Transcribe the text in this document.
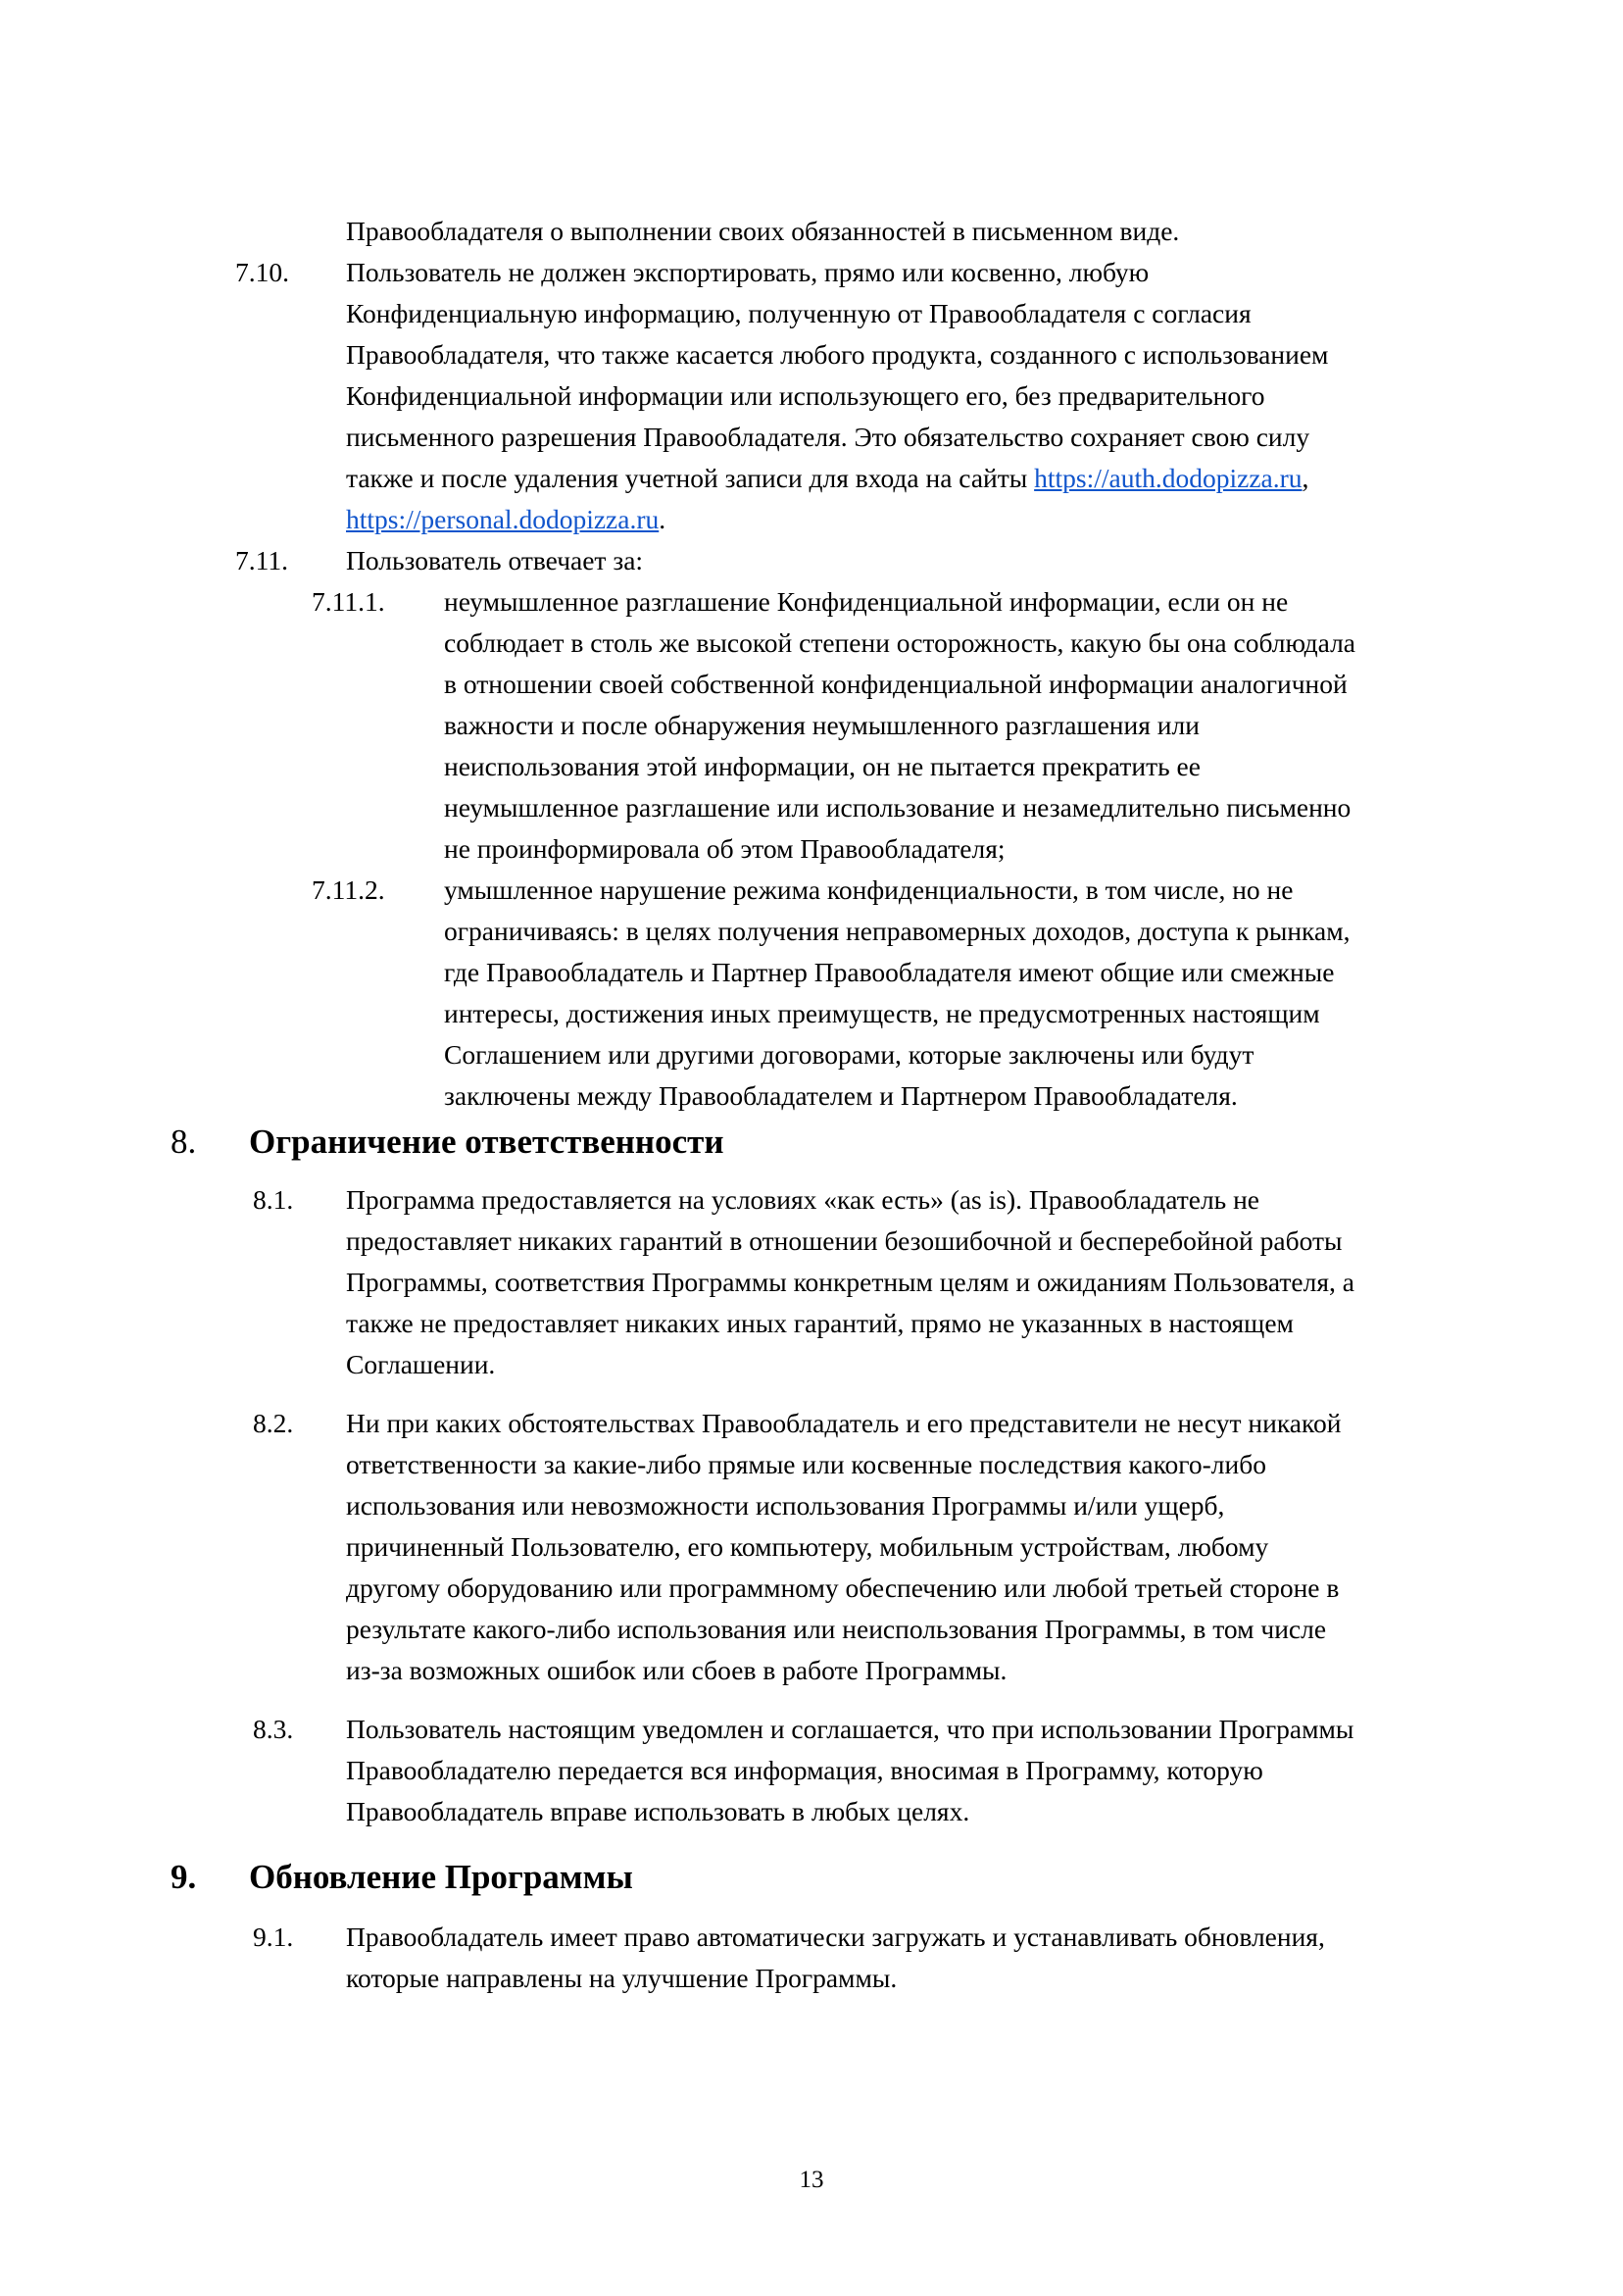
Правообладателя о выполнении своих обязанностей в письменном виде.
7.10. Пользователь не должен экспортировать, прямо или косвенно, любую
Конфиденциальную информацию, полученную от Правообладателя с согласия
Правообладателя, что также касается любого продукта, созданного с использованием
Конфиденциальной информации или использующего его, без предварительного
письменного разрешения Правообладателя. Это обязательство сохраняет свою силу
также и после удаления учетной записи для входа на сайты https://auth.dodopizza.ru,
https://personal.dodopizza.ru.
7.11. Пользователь отвечает за:
7.11.1. неумышленное разглашение Конфиденциальной информации, если он не
соблюдает в столь же высокой степени осторожность, какую бы она соблюдала
в отношении своей собственной конфиденциальной информации аналогичной
важности и после обнаружения неумышленного разглашения или
неиспользования этой информации, он не пытается прекратить ее
неумышленное разглашение или использование и незамедлительно письменно
не проинформировала об этом Правообладателя;
7.11.2. умышленное нарушение режима конфиденциальности, в том числе, но не
ограничиваясь: в целях получения неправомерных доходов, доступа к рынкам,
где Правообладатель и Партнер Правообладателя имеют общие или смежные
интересы, достижения иных преимуществ, не предусмотренных настоящим
Соглашением или другими договорами, которые заключены или будут
заключены между Правообладателем и Партнером Правообладателя.
8. Ограничение ответственности
8.1. Программа предоставляется на условиях «как есть» (as is). Правообладатель не
предоставляет никаких гарантий в отношении безошибочной и бесперебойной работы
Программы, соответствия Программы конкретным целям и ожиданиям Пользователя, а
также не предоставляет никаких иных гарантий, прямо не указанных в настоящем
Соглашении.
8.2. Ни при каких обстоятельствах Правообладатель и его представители не несут никакой
ответственности за какие-либо прямые или косвенные последствия какого-либо
использования или невозможности использования Программы и/или ущерб,
причиненный Пользователю, его компьютеру, мобильным устройствам, любому
другому оборудованию или программному обеспечению или любой третьей стороне в
результате какого-либо использования или неиспользования Программы, в том числе
из-за возможных ошибок или сбоев в работе Программы.
8.3. Пользователь настоящим уведомлен и соглашается, что при использовании Программы
Правообладателю передается вся информация, вносимая в Программу, которую
Правообладатель вправе использовать в любых целях.
9. Обновление Программы
9.1. Правообладатель имеет право автоматически загружать и устанавливать обновления,
которые направлены на улучшение Программы.
13
